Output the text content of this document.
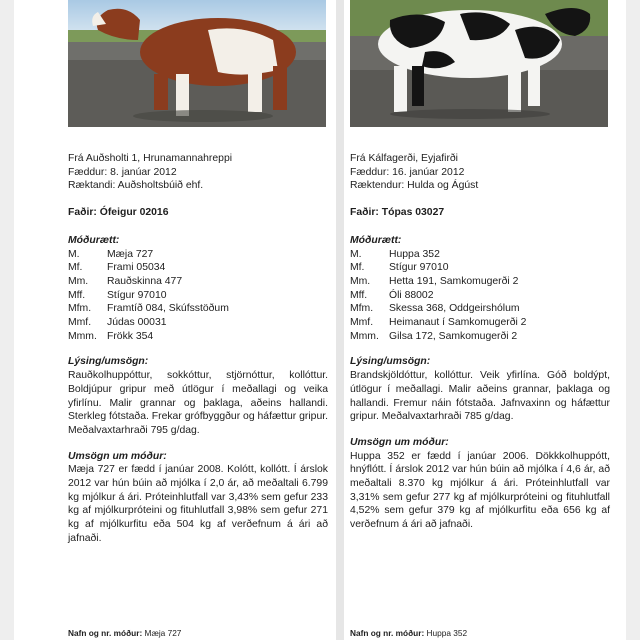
Frá Auðsholti 1, Hrunamannahreppi
Fæddur: 8. janúar 2012
Ræktandi: Auðsholtsbúið ehf.
Faðir: Ófeigur 02016
Móðurætt:
M.	Mæja 727
Mf.	Frami 05034
Mm.	Rauðskinna 477
Mff.	Stígur 97010
Mfm.	Framtíð 084, Skúfsstöðum
Mmf.	Júdas 00031
Mmm. Frökk 354
Lýsing/umsögn:
Rauðkolhuppóttur, sokkóttur, stjörnóttur, kollóttur. Boldjúpur gripur með útlögur í meðallagi og veika yfirlínu. Malir grannar og þaklaga, aðeins hallandi. Sterkleg fótstaða. Frekar grófbyggður og háfættur gripur. Meðalvaxtarhraði 795 g/dag.
Umsögn um móður:
Mæja 727 er fædd í janúar 2008. Kolótt, kollótt. Í árslok 2012 var hún búin að mjólka í 2,0 ár, að meðaltali 6.799 kg mjólkur á ári. Próteinhlutfall var 3,43% sem gefur 233 kg af mjólkurpróteini og fituhlutfall 3,98% sem gefur 271 kg af mjólkurfitu eða 504 kg af verðefnum á ári að jafnaði.
Nafn og nr. móður: Mæja 727
Frá Kálfagerði, Eyjafirði
Fæddur: 16. janúar 2012
Ræktendur: Hulda og Ágúst
Faðir: Tópas 03027
Móðurætt:
M.	Huppa 352
Mf.	Stígur 97010
Mm.	Hetta 191, Samkomugerði 2
Mff.	Óli 88002
Mfm.	Skessa 368, Oddgeirshólum
Mmf.	Heimanaut í Samkomugerði 2
Mmm. Gilsa 172, Samkomugerði 2
Lýsing/umsögn:
Brandskjöldóttur, kollóttur. Veik yfirlína. Góð boldýpt, útlögur í meðallagi. Malir aðeins grannar, þaklaga og hallandi. Fremur náin fótstaða. Jafnvaxinn og háfættur gripur. Meðalvaxtarhraði 785 g/dag.
Umsögn um móður:
Huppa 352 er fædd í janúar 2006. Dökkkolhuppótt, hnýflótt. Í árslok 2012 var hún búin að mjólka í 4,6 ár, að meðaltali 8.370 kg mjólkur á ári. Próteinhlutfall var 3,31% sem gefur 277 kg af mjólkurpróteini og fituhlutfall 4,52% sem gefur 379 kg af mjólkurfitu eða 656 kg af verðefnum á ári að jafnaði.
Nafn og nr. móður: Huppa 352
